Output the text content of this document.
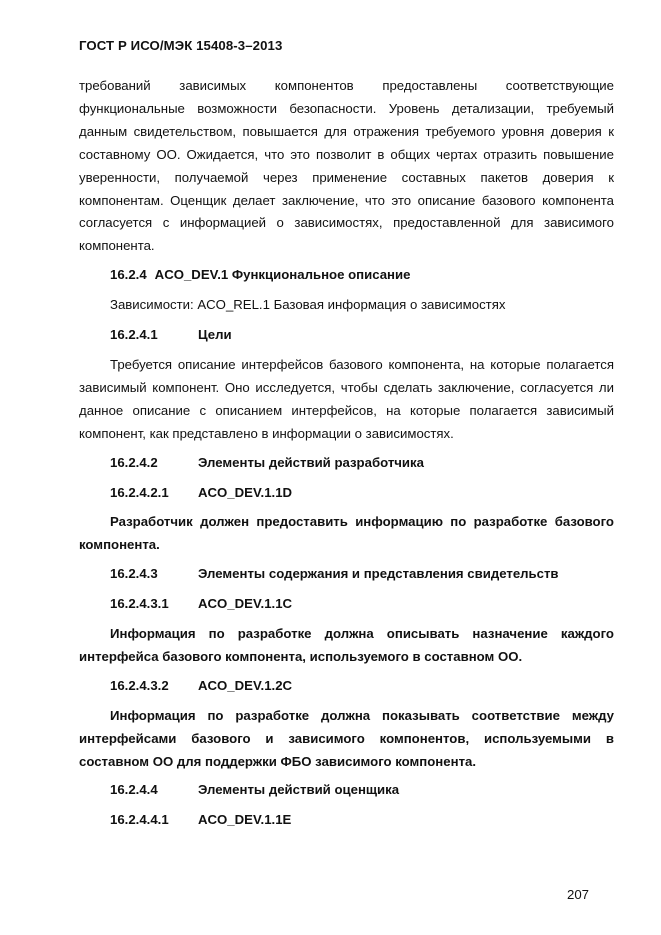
ГОСТ Р ИСО/МЭК 15408-3–2013

требований зависимых компонентов предоставлены соответствующие функциональные возможности безопасности. Уровень детализации, требуемый данным свидетельством, повышается для отражения требуемого уровня доверия к составному ОО. Ожидается, что это позволит в общих чертах отразить повышение уверенности, получаемой через применение составных пакетов доверия к компонентам. Оценщик делает заключение, что это описание базового компонента согласуется с информацией о зависимостях, предоставленной для зависимого компонента.

16.2.4 ACO_DEV.1 Функциональное описание

Зависимости: ACO_REL.1 Базовая информация о зависимостях

16.2.4.1	Цели

Требуется описание интерфейсов базового компонента, на которые полагается зависимый компонент. Оно исследуется, чтобы сделать заключение, согласуется ли данное описание с описанием интерфейсов, на которые полагается зависимый компонент, как представлено в информации о зависимостях.

16.2.4.2	Элементы действий разработчика
16.2.4.2.1	ACO_DEV.1.1D

Разработчик должен предоставить информацию по разработке базового компонента.

16.2.4.3	Элементы содержания и представления свидетельств
16.2.4.3.1	ACO_DEV.1.1C

Информация по разработке должна описывать назначение каждого интерфейса базового компонента, используемого в составном ОО.

16.2.4.3.2	ACO_DEV.1.2C

Информация по разработке должна показывать соответствие между интерфейсами базового и зависимого компонентов, используемыми в составном ОО для поддержки ФБО зависимого компонента.

16.2.4.4	Элементы действий оценщика
16.2.4.4.1	ACO_DEV.1.1E
207
